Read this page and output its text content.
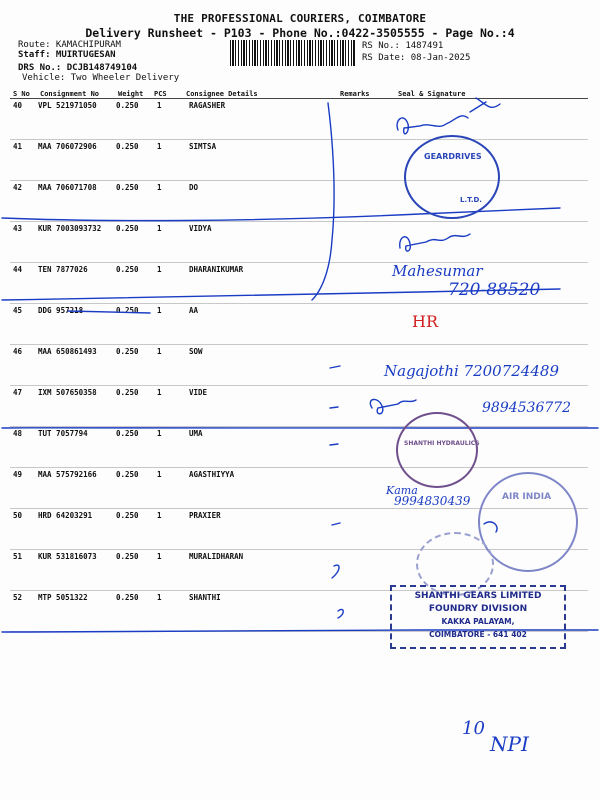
THE PROFESSIONAL COURIERS, COIMBATORE
Delivery Runsheet - P103 - Phone No.:0422-3505555 - Page No.:4
Route: KAMACHIPURAM
Staff: MUIRTUGESAN
DRS No.: DCJB148749104
Vehicle: Two Wheeler Delivery
RS No.: 1487491
RS Date: 08-Jan-2025
S No Consignment No	Weight PCS	Consignee Details	Remarks	Seal & Signature
40 VPL 521971050	0.250 1	RAGASHER
41 MAA 706072906	0.250 1	SIMTSA
42 MAA 706071708	0.250 1	DO
43 KUR 7003093732 0.250 1	VIDYA
44 TEN 7877026	0.250 1	DHARANIKUMAR
45 DDG 957218	0.250 1	AA
46 MAA 650861493	0.250 1	SOW
47 IXM 507650358	0.250 1	VIDE
48 TUT 7057794	0.250 1	UMA
49 MAA 575792166	0.250 1	AGASTHIYYA
50 HRD 64203291	0.250 1	PRAXIER
51 KUR 531816073	0.250 1	MURALIDHARAN
52 MTP 5051322	0.250 1	SHANTHI
GEARDRIVES
L.T.D.
SHANTHI HYDRAULICS
AIR INDIA
SHANTHI GEARS LIMITED
FOUNDRY DIVISION
KAKKA PALAYAM,
COIMBATORE - 641 402
Mahesumar
720-88520
HR
Nagajothi 7200724489
9894536772
Kama
9994830439
10
NPI
